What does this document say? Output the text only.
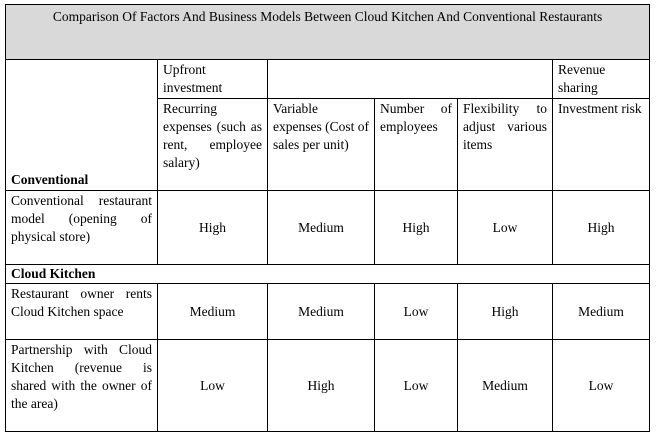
Comparison Of Factors And Business Models Between Cloud Kitchen And Conventional Restaurants					
Conventional	Upfront investment				Revenue sharing
	Recurring expenses (such as rent, employee salary)	Variable expenses (Cost of sales per unit)	Number of employees	Flexibility to adjust various items	Investment risk
Conventional restaurant model (opening of physical store)	High	Medium	High	Low	High
Cloud Kitchen					
Restaurant owner rents Cloud Kitchen space	Medium	Medium	Low	High	Medium
Partnership with Cloud Kitchen (revenue is shared with the owner of the area)	Low	High	Low	Medium	Low
